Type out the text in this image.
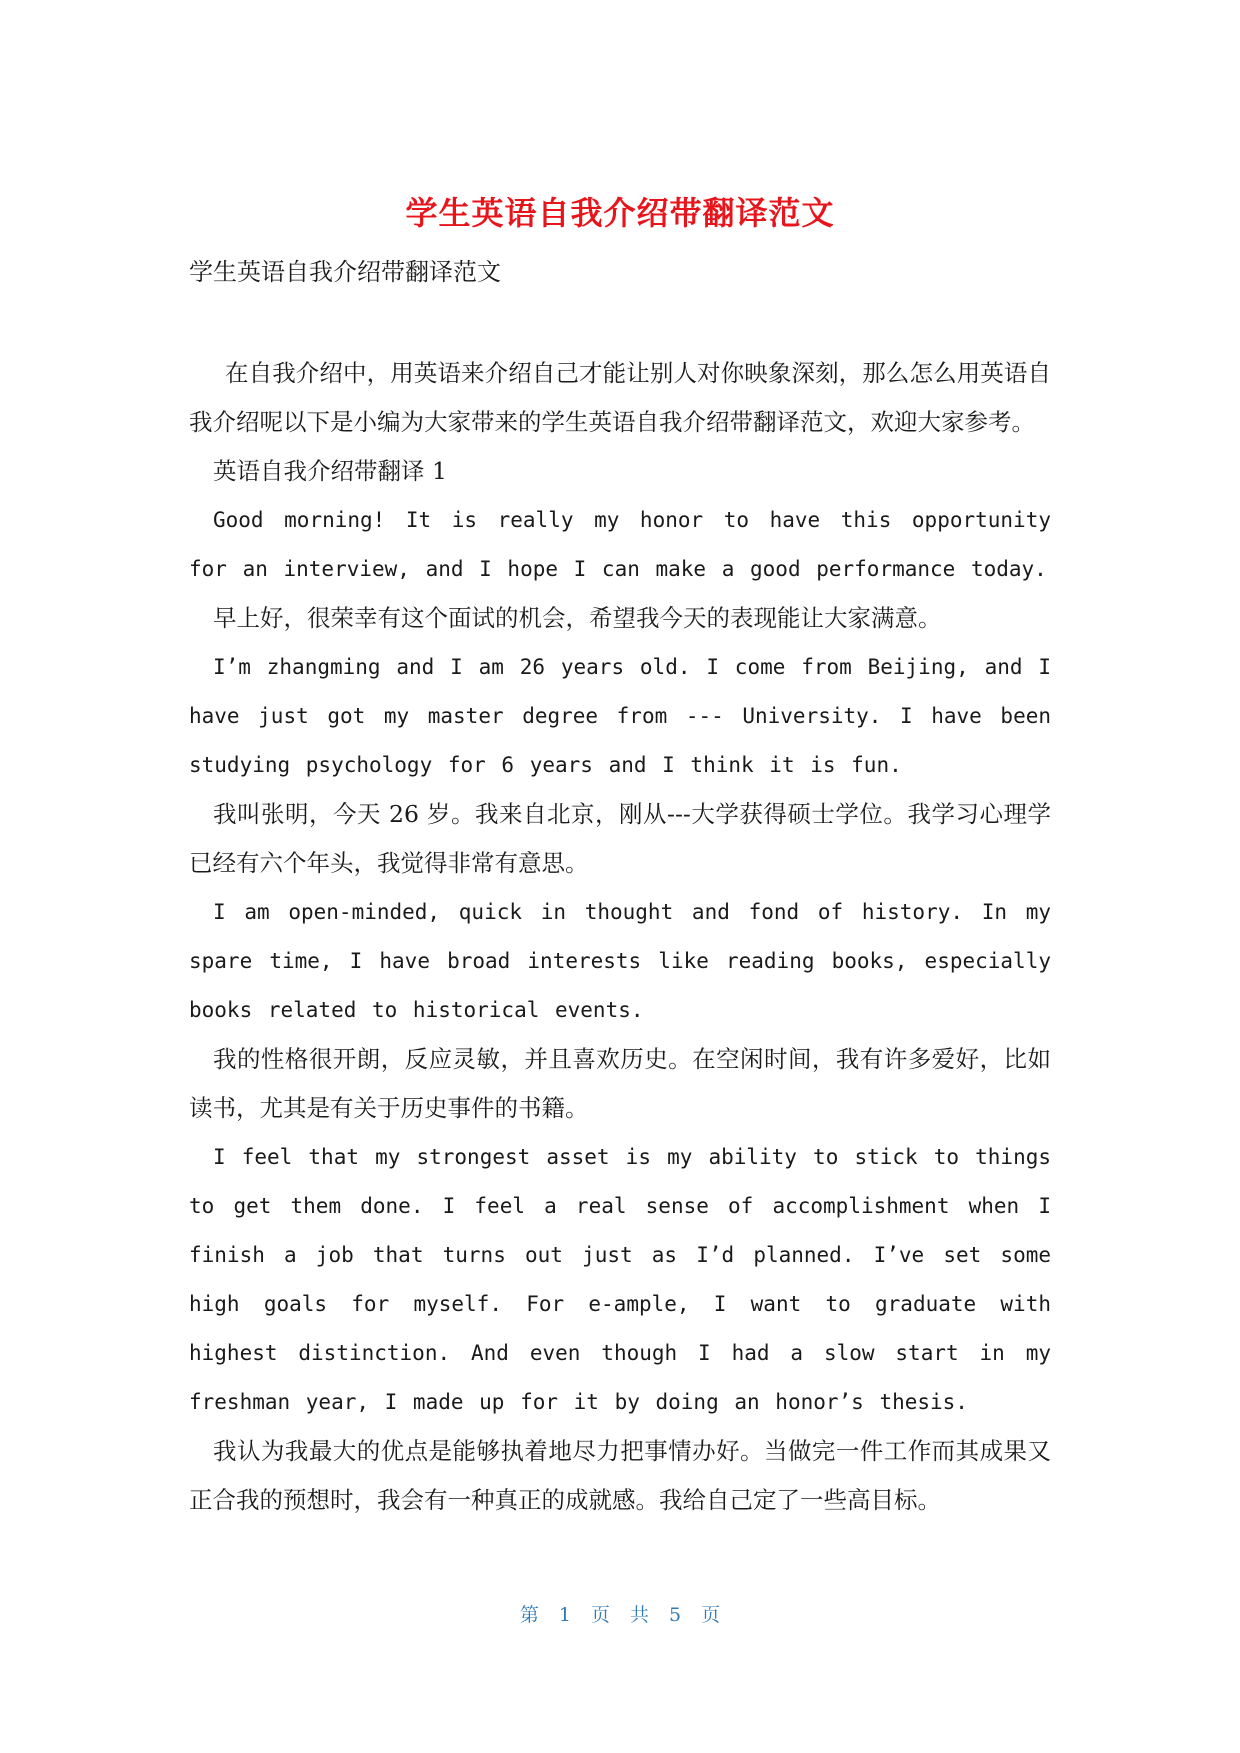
学生英语自我介绍带翻译范文

学生英语自我介绍带翻译范文

在自我介绍中，用英语来介绍自己才能让别人对你映象深刻，那么怎么用英语自我介绍呢以下是小编为大家带来的学生英语自我介绍带翻译范文，欢迎大家参考。

英语自我介绍带翻译 1

Good morning! It is really my honor to have this opportunity for an interview, and I hope I can make a good performance today.

早上好，很荣幸有这个面试的机会，希望我今天的表现能让大家满意。

I’m zhangming and I am 26 years old. I come from Beijing, and I have just got my master degree from --- University. I have been studying psychology for 6 years and I think it is fun.

我叫张明，今天 26 岁。我来自北京，刚从---大学获得硕士学位。我学习心理学已经有六个年头，我觉得非常有意思。

I am open-minded, quick in thought and fond of history. In my spare time, I have broad interests like reading books, especially books related to historical events.

我的性格很开朗，反应灵敏，并且喜欢历史。在空闲时间，我有许多爱好，比如读书，尤其是有关于历史事件的书籍。

I feel that my strongest asset is my ability to stick to things to get them done. I feel a real sense of accomplishment when I finish a job that turns out just as I’d planned. I’ve set some high goals for myself. For e-ample, I want to graduate with highest distinction. And even though I had a slow start in my freshman year, I made up for it by doing an honor’s thesis.

我认为我最大的优点是能够执着地尽力把事情办好。当做完一件工作而其成果又正合我的预想时，我会有一种真正的成就感。我给自己定了一些高目标。

第 1 页 共 5 页
